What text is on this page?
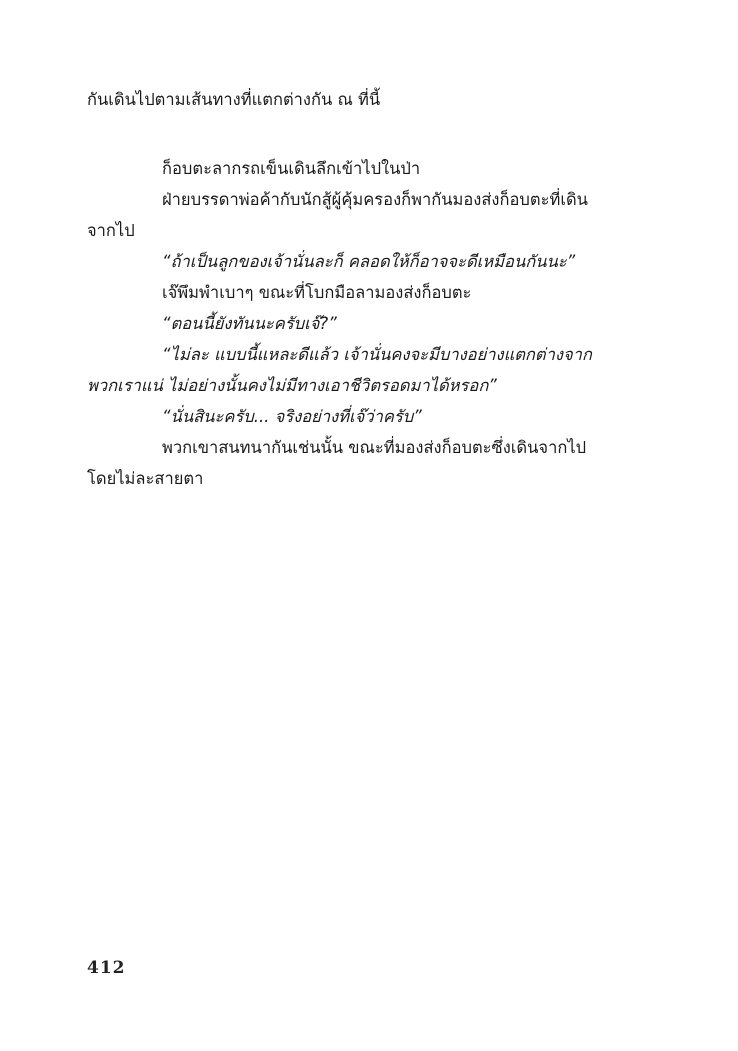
กันเดินไปตามเส้นทางที่แตกต่างกัน ณ ที่นี้
ก็อบตะลากรถเข็นเดินลึกเข้าไปในป่า
ฝ่ายบรรดาพ่อค้ากับนักสู้ผู้คุ้มครองก็พากันมองส่งก็อบตะที่เดิน
จากไป
“ถ้าเป็นลูกของเจ้านั่นละก็ คลอดให้ก็อาจจะดีเหมือนกันนะ”
เจ๊พึมพำเบาๆ ขณะที่โบกมือลามองส่งก็อบตะ
“ตอนนี้ยังทันนะครับเจ๊?”
“ไม่ละ แบบนี้แหละดีแล้ว เจ้านั่นคงจะมีบางอย่างแตกต่างจาก
พวกเราแน่ ไม่อย่างนั้นคงไม่มีทางเอาชีวิตรอดมาได้หรอก”
“นั่นสินะครับ... จริงอย่างที่เจ๊ว่าครับ”
พวกเขาสนทนากันเช่นนั้น ขณะที่มองส่งก็อบตะซึ่งเดินจากไป
โดยไม่ละสายตา
412
